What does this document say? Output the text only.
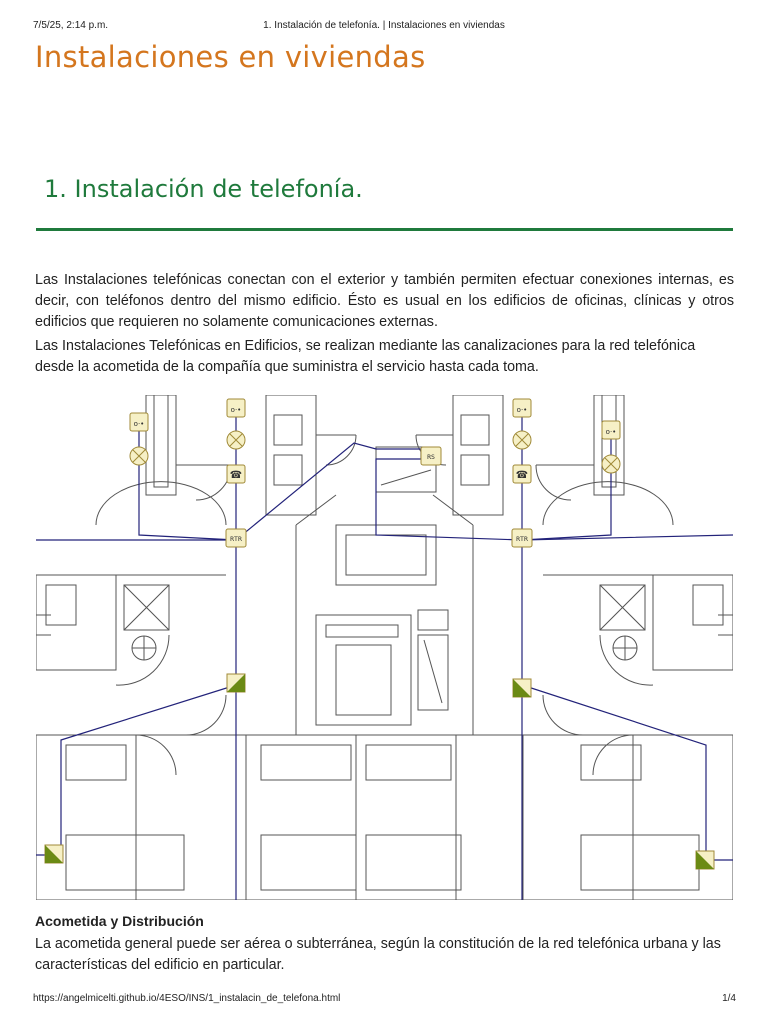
7/5/25, 2:14 p.m.	1. Instalación de telefonía. | Instalaciones en viviendas
Instalaciones en viviendas
1. Instalación de telefonía.

Las Instalaciones telefónicas conectan con el exterior y también permiten efectuar conexiones internas, es decir, con teléfonos dentro del mismo edificio. Ésto es usual en los edificios de oficinas, clínicas y otros edificios que requieren no solamente comunicaciones externas.

Las Instalaciones Telefónicas en Edificios, se realizan mediante las canalizaciones para la red telefónica desde la acometida de la compañía que suministra el servicio hasta cada toma.

o·•
o·•
☎
RTR
RS
o·•
☎
RTR
o·•
Acometida y Distribución

La acometida general puede ser aérea o subterránea, según la constitución de la red telefónica urbana y las características del edificio en particular.

https://angelmicelti.github.io/4ESO/INS/1_instalacin_de_telefona.html	1/4
